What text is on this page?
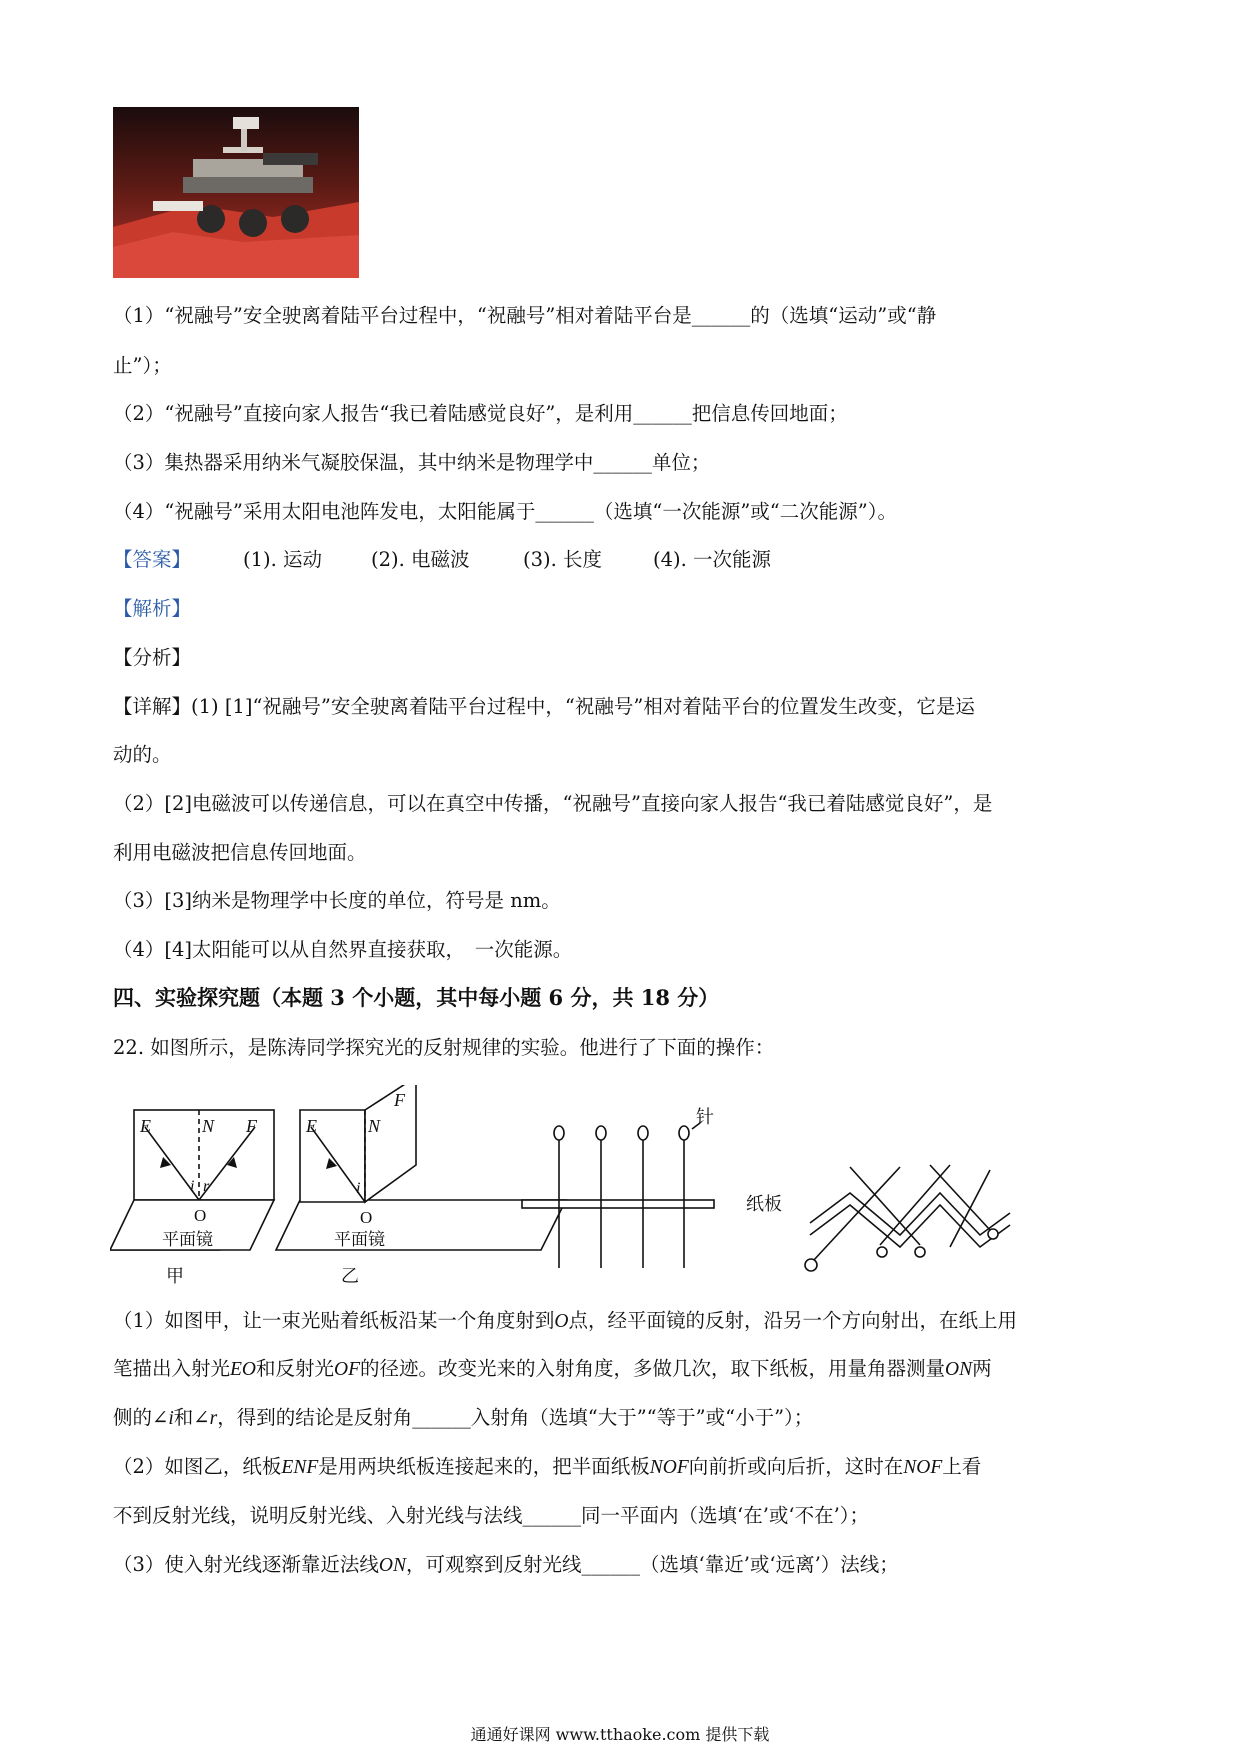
（1）“祝融号”安全驶离着陆平台过程中，“祝融号”相对着陆平台是______的（选填“运动”或“静
止”）；
（2）“祝融号”直接向家人报告“我已着陆感觉良好”，是利用______把信息传回地面；
（3）集热器采用纳米气凝胶保温，其中纳米是物理学中______单位；
（4）“祝融号”采用太阳电池阵发电，太阳能属于______（选填“一次能源”或“二次能源”）。
【答案】	(1). 运动	(2). 电磁波	(3). 长度	(4). 一次能源
【解析】
【分析】
【详解】(1) [1]“祝融号”安全驶离着陆平台过程中，“祝融号”相对着陆平台的位置发生改变，它是运
动的。
（2）[2]电磁波可以传递信息，可以在真空中传播，“祝融号”直接向家人报告“我已着陆感觉良好”，是
利用电磁波把信息传回地面。
（3）[3]纳米是物理学中长度的单位，符号是 nm。
（4）[4]太阳能可以从自然界直接获取，　一次能源。
四、实验探究题（本题 3 个小题，其中每小题 6 分，共 18 分）
22. 如图所示，是陈涛同学探究光的反射规律的实验。他进行了下面的操作：
E	N F
i r
O
平面镜
甲
E	N
F
i
O
平面镜
乙
针
纸板
（1）如图甲，让一束光贴着纸板沿某一个角度射到O点，经平面镜的反射，沿另一个方向射出，在纸上用
笔描出入射光EO和反射光OF的径迹。改变光来的入射角度，多做几次，取下纸板，用量角器测量ON两
侧的∠i和∠r，得到的结论是反射角______入射角（选填“大于”“等于”或“小于”）；
（2）如图乙，纸板ENF是用两块纸板连接起来的，把半面纸板NOF向前折或向后折，这时在NOF上看
不到反射光线，说明反射光线、入射光线与法线______同一平面内（选填‘在’或‘不在’）；
（3）使入射光线逐渐靠近法线ON，可观察到反射光线______（选填‘靠近’或‘远离’）法线；
通通好课网 www.tthaoke.com 提供下载
